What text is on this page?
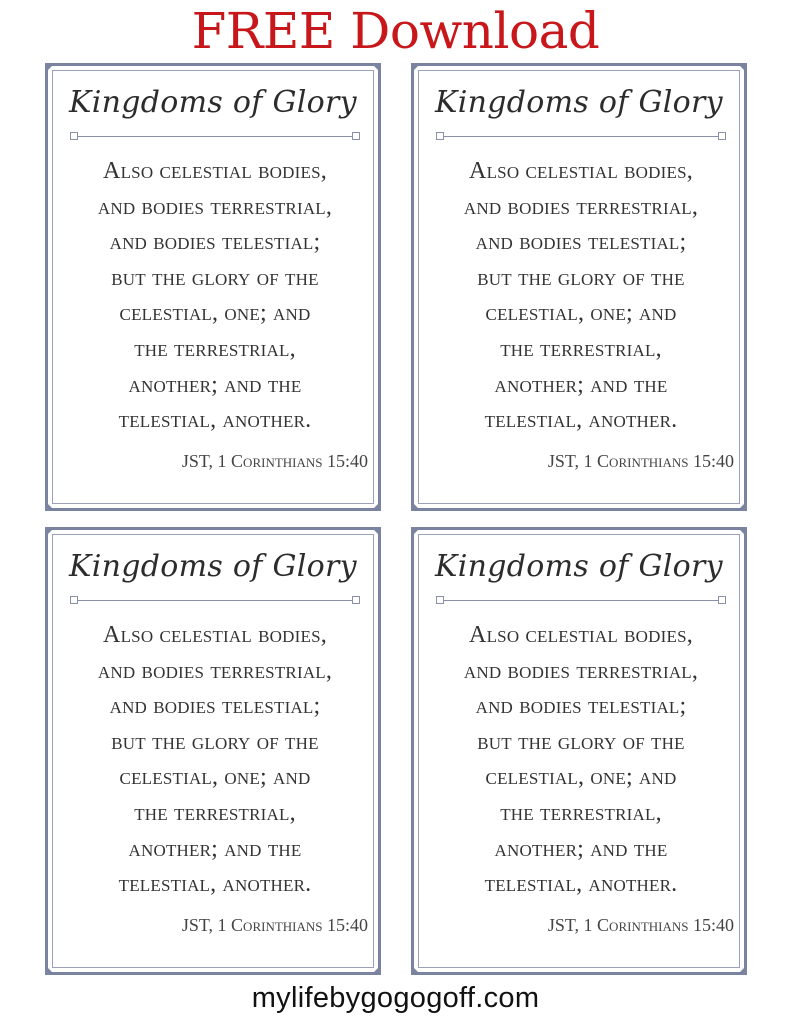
FREE Download
Kingdoms of Glory
Also celestial bodies,
and bodies terrestrial,
and bodies telestial;
but the glory of the
celestial, one; and
the terrestrial,
another; and the
telestial, another.
JST, 1 Corinthians 15:40
Kingdoms of Glory
Also celestial bodies,
and bodies terrestrial,
and bodies telestial;
but the glory of the
celestial, one; and
the terrestrial,
another; and the
telestial, another.
JST, 1 Corinthians 15:40
Kingdoms of Glory
Also celestial bodies,
and bodies terrestrial,
and bodies telestial;
but the glory of the
celestial, one; and
the terrestrial,
another; and the
telestial, another.
JST, 1 Corinthians 15:40
Kingdoms of Glory
Also celestial bodies,
and bodies terrestrial,
and bodies telestial;
but the glory of the
celestial, one; and
the terrestrial,
another; and the
telestial, another.
JST, 1 Corinthians 15:40
mylifebygogogoff.com
